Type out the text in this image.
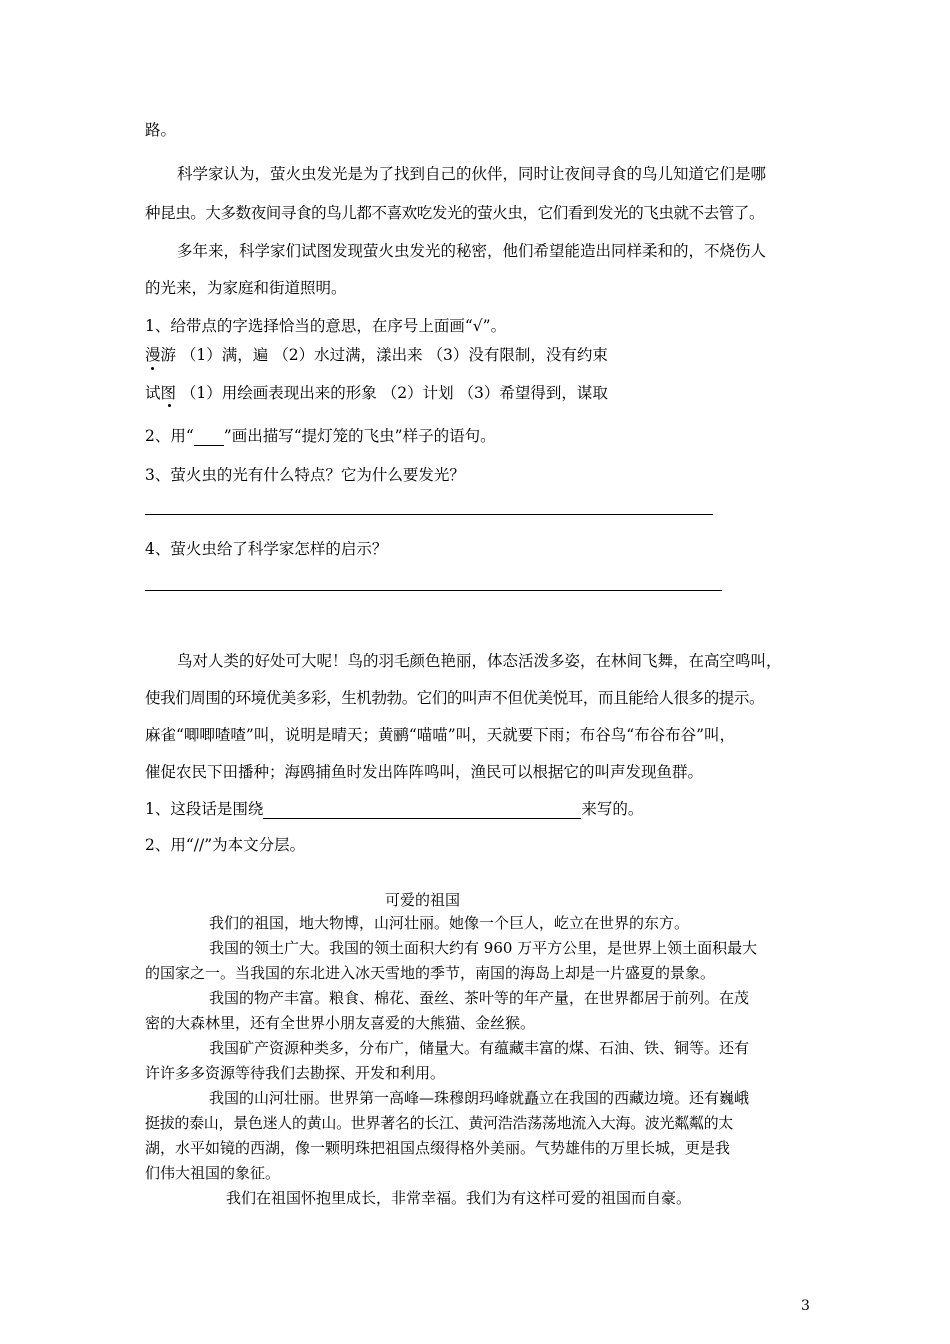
路。
科学家认为，萤火虫发光是为了找到自己的伙伴，同时让夜间寻食的鸟儿知道它们是哪
种昆虫。大多数夜间寻食的鸟儿都不喜欢吃发光的萤火虫，它们看到发光的飞虫就不去管了。
多年来，科学家们试图发现萤火虫发光的秘密，他们希望能造出同样柔和的，不烧伤人
的光来，为家庭和街道照明。
1、给带点的字选择恰当的意思，在序号上面画“√”。
漫游 （1）满，遍 （2）水过满，漾出来 （3）没有限制，没有约束
试图 （1）用绘画表现出来的形象 （2）计划 （3）希望得到，谋取
2、用“ ”画出描写“提灯笼的飞虫”样子的语句。
3、萤火虫的光有什么特点？它为什么要发光？
4、萤火虫给了科学家怎样的启示？
鸟对人类的好处可大呢！鸟的羽毛颜色艳丽，体态活泼多姿，在林间飞舞，在高空鸣叫，
使我们周围的环境优美多彩，生机勃勃。它们的叫声不但优美悦耳，而且能给人很多的提示。
麻雀“唧唧喳喳”叫，说明是晴天；黄鹂“喵喵”叫，天就要下雨；布谷鸟“布谷布谷”叫，
催促农民下田播种；海鸥捕鱼时发出阵阵鸣叫，渔民可以根据它的叫声发现鱼群。
1、这段话是围绕	来写的。
2、用“//”为本文分层。
可爱的祖国
我们的祖国，地大物博，山河壮丽。她像一个巨人，屹立在世界的东方。
我国的领土广大。我国的领土面积大约有 960 万平方公里，是世界上领土面积最大
的国家之一。当我国的东北进入冰天雪地的季节，南国的海岛上却是一片盛夏的景象。
我国的物产丰富。粮食、棉花、蚕丝、茶叶等的年产量，在世界都居于前列。在茂
密的大森林里，还有全世界小朋友喜爱的大熊猫、金丝猴。
我国矿产资源种类多，分布广，储量大。有蕴藏丰富的煤、石油、铁、铜等。还有
许许多多资源等待我们去勘探、开发和利用。
我国的山河壮丽。世界第一高峰—珠穆朗玛峰就矗立在我国的西藏边境。还有巍峨
挺拔的泰山，景色迷人的黄山。世界著名的长江、黄河浩浩荡荡地流入大海。波光粼粼的太
湖，水平如镜的西湖，像一颗明珠把祖国点缀得格外美丽。气势雄伟的万里长城，更是我
们伟大祖国的象征。
我们在祖国怀抱里成长，非常幸福。我们为有这样可爱的祖国而自豪。
3
